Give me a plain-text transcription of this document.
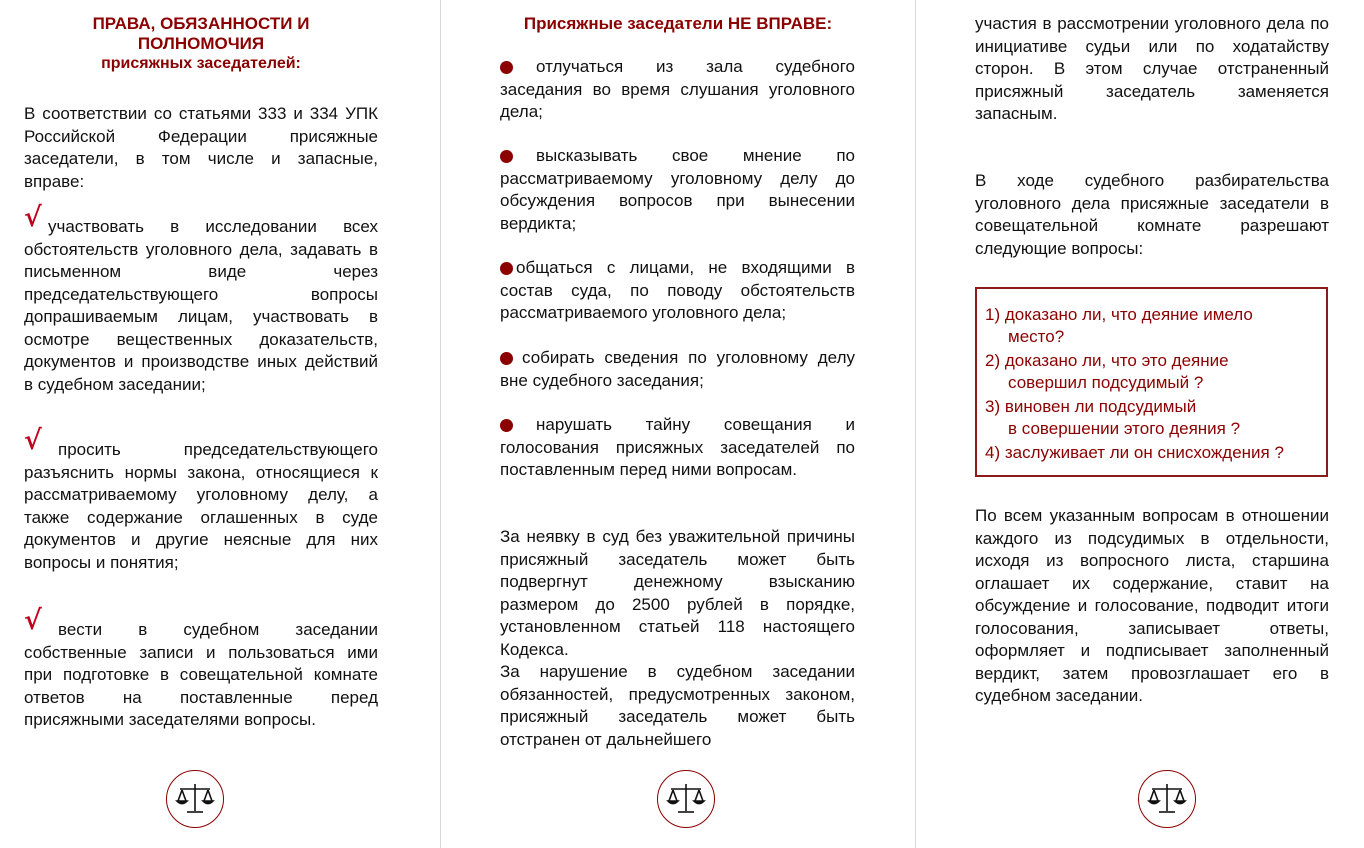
ПРАВА, ОБЯЗАННОСТИ И
ПОЛНОМОЧИЯ
присяжных заседателей:

В соответствии со статьями 333 и 334 УПК Российской Федерации присяжные заседатели, в том числе и запасные, вправе:

√ участвовать в исследовании всех обстоятельств уголовного дела, задавать в письменном виде через председательствующего вопросы допрашиваемым лицам, участвовать в осмотре вещественных доказательств, документов и производстве иных действий в судебном заседании;

√ просить председательствующего разъяснить нормы закона, относящиеся к рассматриваемому уголовному делу, а также содержание оглашенных в суде документов и другие неясные для них вопросы и понятия;

√ вести в судебном заседании собственные записи и пользоваться ими при подготовке в совещательной комнате ответов на поставленные перед присяжными заседателями вопросы.

Присяжные заседатели НЕ ВПРАВЕ:

отлучаться из зала судебного заседания во время слушания уголовного дела;

высказывать свое мнение по рассматриваемому уголовному делу до обсуждения вопросов при вынесении вердикта;

общаться с лицами, не входящими в состав суда, по поводу обстоятельств рассматриваемого уголовного дела;

собирать сведения по уголовному делу вне судебного заседания;

нарушать тайну совещания и голосования присяжных заседателей по поставленным перед ними вопросам.

За неявку в суд без уважительной причины присяжный заседатель может быть подвергнут денежному взысканию размером до 2500 рублей в порядке, установленном статьей 118 настоящего Кодекса.

За нарушение в судебном заседании обязанностей, предусмотренных законом, присяжный заседатель может быть отстранен от дальнейшего

участия в рассмотрении уголовного дела по инициативе судьи или по ходатайству сторон. В этом случае отстраненный присяжный заседатель заменяется запасным.

В ходе судебного разбирательства уголовного дела присяжные заседатели в совещательной комнате разрешают следующие вопросы:

По всем указанным вопросам в отношении каждого из подсудимых в отдельности, исходя из вопросного листа, старшина оглашает их содержание, ставит на обсуждение и голосование, подводит итоги голосования, записывает ответы, оформляет и подписывает заполненный вердикт, затем провозглашает его в судебном заседании.

1) доказано ли, что деяние имело

место?

2) доказано ли, что это деяние

совершил подсудимый ?

3) виновен ли подсудимый

в совершении этого деяния ?

4) заслуживает ли он снисхождения ?
